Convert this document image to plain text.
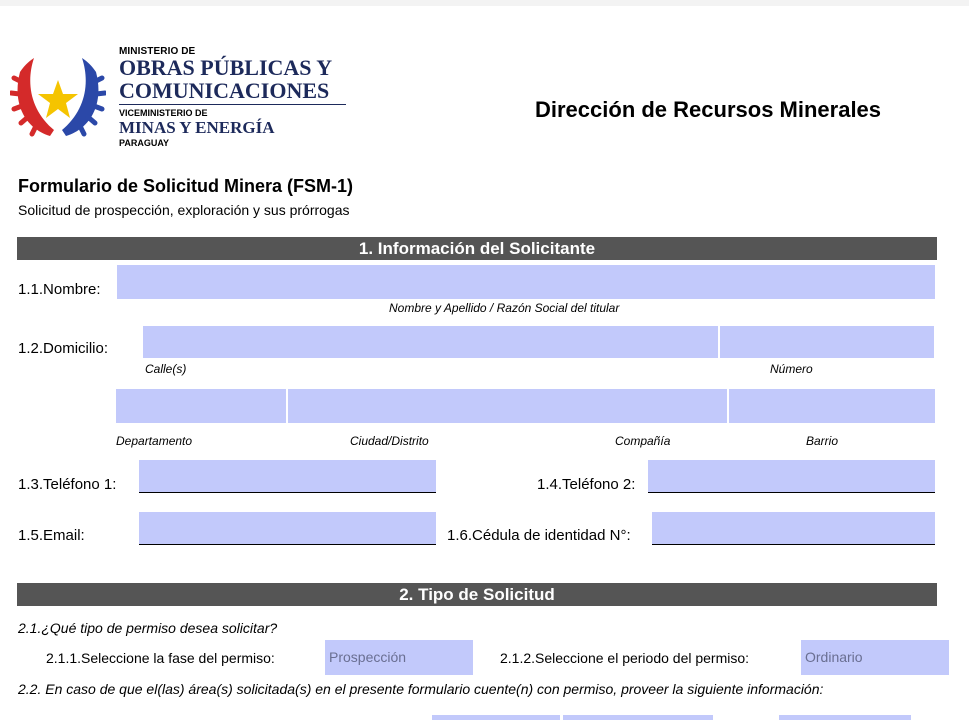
MINISTERIO DE
OBRAS PÚBLICAS Y
COMUNICACIONES
VICEMINISTERIO DE
MINAS Y ENERGÍA
PARAGUAY
Dirección de Recursos Minerales
Formulario de Solicitud Minera (FSM-1)
Solicitud de prospección, exploración y sus prórrogas
1. Información del Solicitante
1.1.Nombre:
Nombre y Apellido / Razón Social del titular
1.2.Domicilio:
Calle(s)	Número
Departamento	Ciudad/Distrito	Compañía	Barrio
1.3.Teléfono 1:	1.4.Teléfono 2:
1.5.Email:	1.6.Cédula de identidad N°:
2. Tipo de Solicitud
2.1.¿Qué tipo de permiso desea solicitar?
2.1.1.Seleccione la fase del permiso:	Prospección	2.1.2.Seleccione el periodo del permiso:	Ordinario
2.2. En caso de que el(las) área(s) solicitada(s) en el presente formulario cuente(n) con permiso, proveer la siguiente información:
